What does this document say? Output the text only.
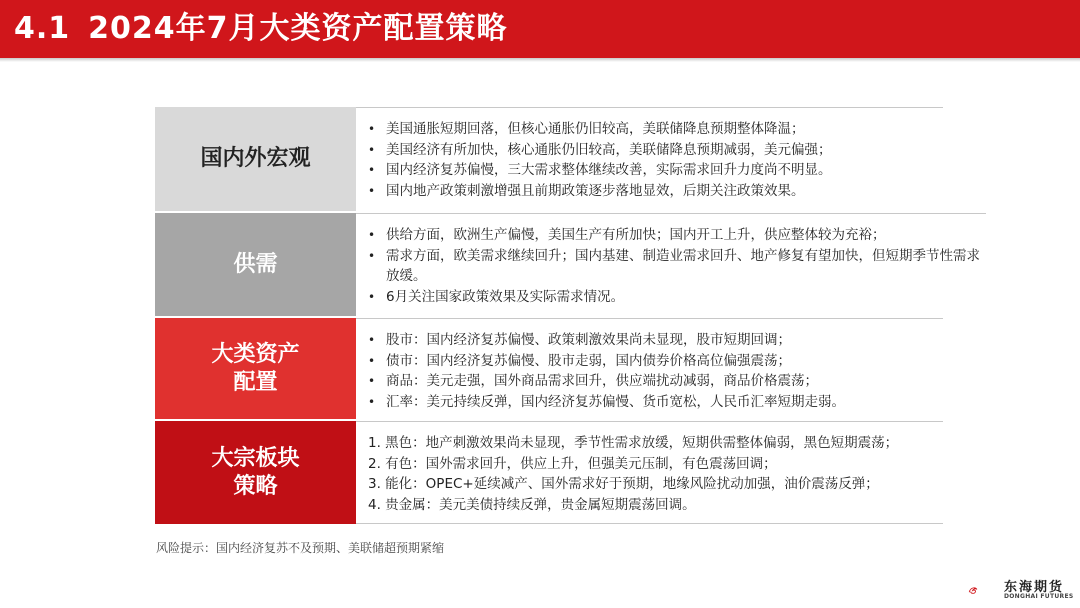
4.1 2024年7月大类资产配置策略
国内外宏观
• 美国通胀短期回落，但核心通胀仍旧较高，美联储降息预期整体降温；
• 美国经济有所加快，核心通胀仍旧较高，美联储降息预期减弱，美元偏强；
• 国内经济复苏偏慢，三大需求整体继续改善，实际需求回升力度尚不明显。
• 国内地产政策刺激增强且前期政策逐步落地显效，后期关注政策效果。
供需
• 供给方面，欧洲生产偏慢，美国生产有所加快；国内开工上升，供应整体较为充裕；
• 需求方面，欧美需求继续回升；国内基建、制造业需求回升、地产修复有望加快，但短期季节性需求放缓。
• 6月关注国家政策效果及实际需求情况。
大类资产
配置
• 股市：国内经济复苏偏慢、政策刺激效果尚未显现，股市短期回调；
• 债市：国内经济复苏偏慢、股市走弱，国内债券价格高位偏强震荡；
• 商品：美元走强，国外商品需求回升，供应端扰动减弱，商品价格震荡；
• 汇率：美元持续反弹，国内经济复苏偏慢、货币宽松，人民币汇率短期走弱。
大宗板块
策略
1. 黑色：地产刺激效果尚未显现，季节性需求放缓，短期供需整体偏弱，黑色短期震荡；
2. 有色：国外需求回升，供应上升，但强美元压制，有色震荡回调；
3. 能化：OPEC+延续减产、国外需求好于预期，地缘风险扰动加强，油价震荡反弹；
4. 贵金属：美元美债持续反弹，贵金属短期震荡回调。
风险提示：国内经济复苏不及预期、美联储超预期紧缩
东海期货
DONGHAI FUTURES
